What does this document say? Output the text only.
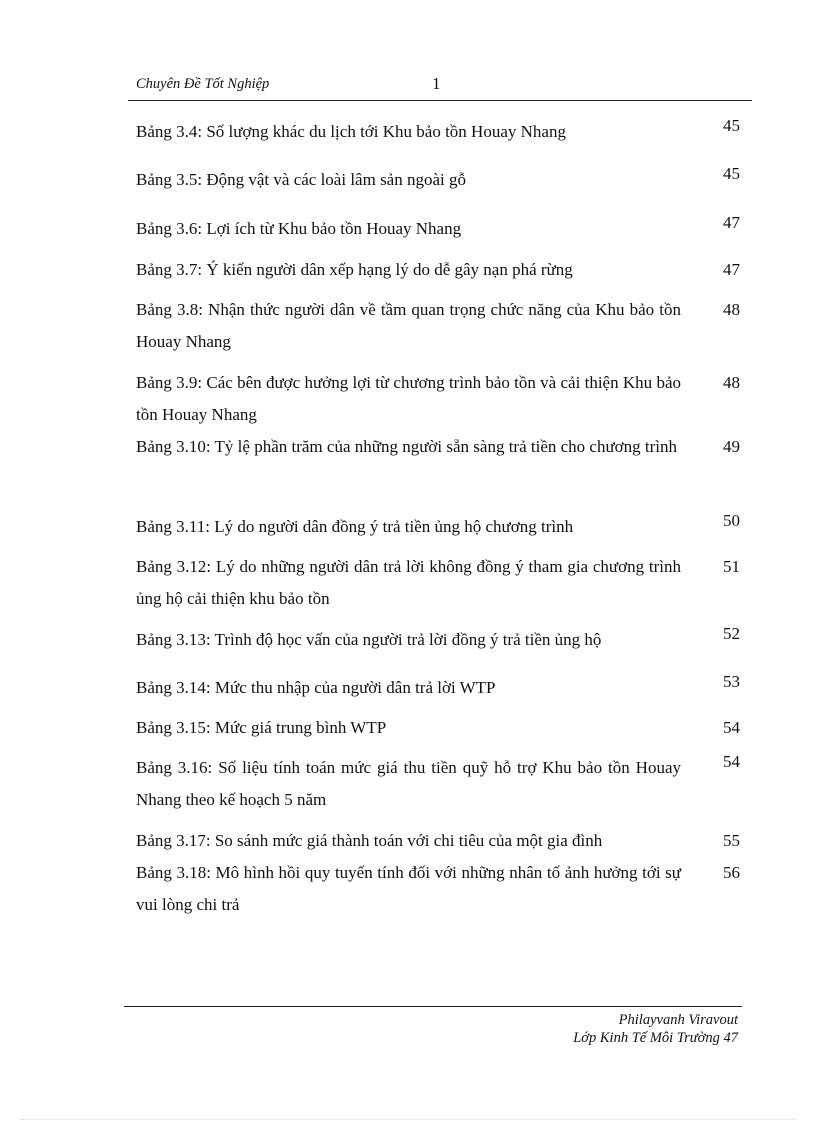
Chuyên Đề Tốt Nghiệp	1
Bảng 3.4: Số lượng khác du lịch tới Khu bảo tồn Houay Nhang	45
Bảng 3.5: Động vật và các loài lâm sản ngoài gỗ	45
Bảng 3.6: Lợi ích từ Khu bảo tồn Houay Nhang	47
Bảng 3.7: Ý kiến người dân xếp hạng lý do dễ gây nạn phá rừng	47
Bảng 3.8: Nhận thức người dân về tầm quan trọng chức năng của Khu bảo tồn Houay Nhang
48
Bảng 3.9: Các bên được hưởng lợi từ chương trình bảo tồn và cải thiện Khu bảo tồn Houay Nhang
48
Bảng 3.10: Tỷ lệ phần trăm của những người sẵn sàng trả tiền cho chương trình	49
Bảng 3.11: Lý do người dân đồng ý trả tiền ủng hộ chương trình	50
Bảng 3.12: Lý do những người dân trả lời không đồng ý tham gia chương trình ủng hộ cải thiện khu bảo tồn
51
Bảng 3.13: Trình độ học vấn của người trả lời đồng ý trả tiền ủng hộ	52
Bảng 3.14: Mức thu nhập của người dân trả lời WTP	53
Bảng 3.15: Mức giá trung bình WTP	54
Bảng 3.16: Số liệu tính toán mức giá thu tiền quỹ hỗ trợ Khu bảo tồn Houay Nhang theo kế hoạch 5 năm
54
Bảng 3.17: So sánh mức giá thành toán với chi tiêu của một gia đình	55
Bảng 3.18: Mô hình hồi quy tuyến tính đối với những nhân tố ảnh hưởng tới sự vui lòng chi trả
56
Philayvanh Viravout
Lớp Kinh Tế Môi Trường 47
